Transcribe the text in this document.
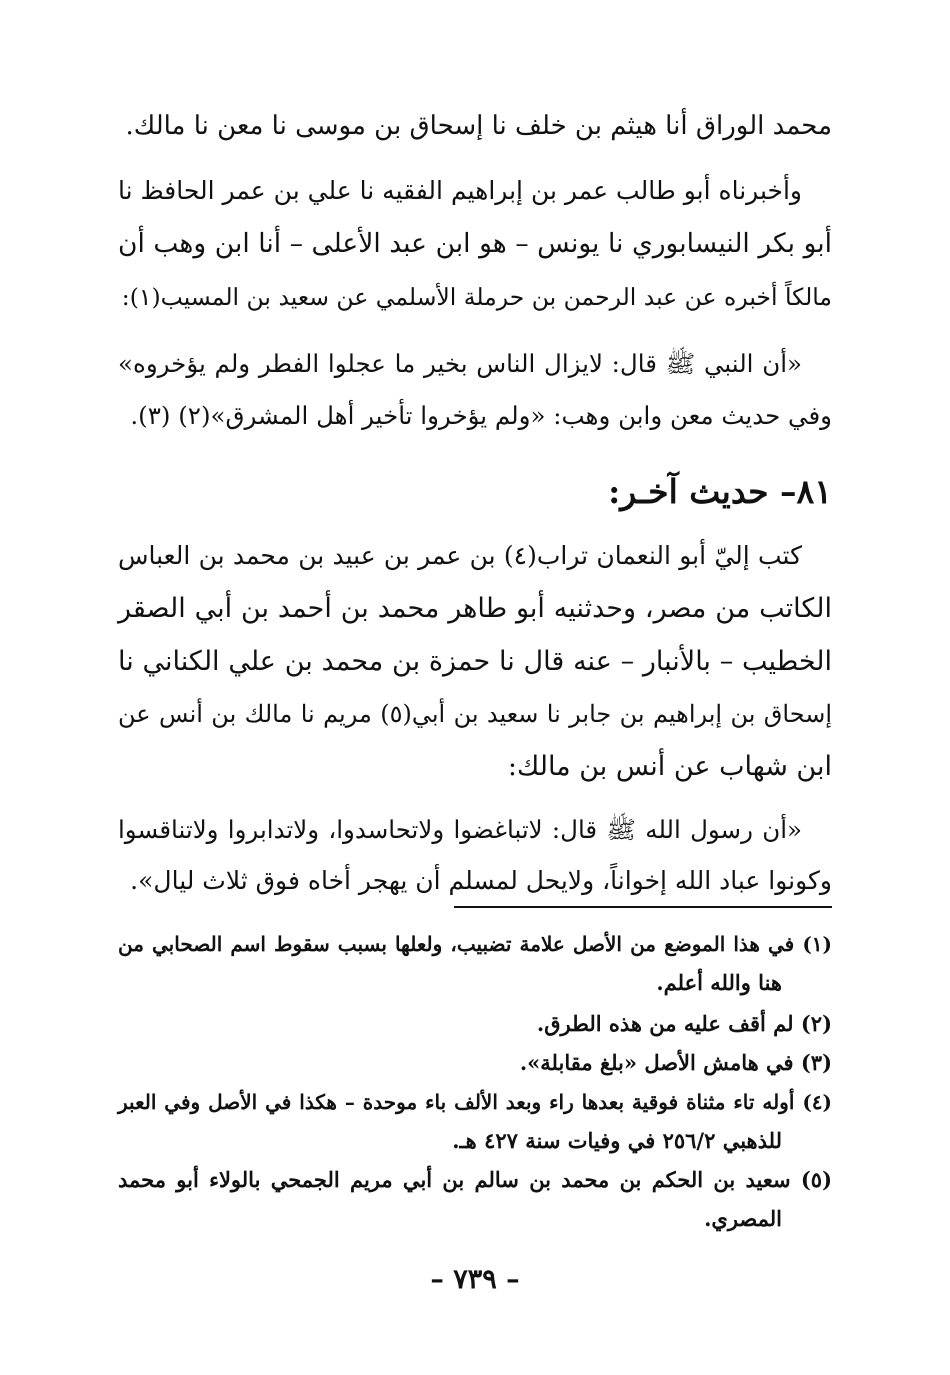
محمد الوراق أنا هيثم بن خلف نا إسحاق بن موسى نا معن نا مالك.
وأخبرناه أبو طالب عمر بن إبراهيم الفقيه نا علي بن عمر الحافظ نا
أبو بكر النيسابوري نا يونس – هو ابن عبد الأعلى – أنا ابن وهب أن
مالكاً أخبره عن عبد الرحمن بن حرملة الأسلمي عن سعيد بن المسيب(١):
«أن النبي ﷺ قال: لايزال الناس بخير ما عجلوا الفطر ولم يؤخروه»
وفي حديث معن وابن وهب: «ولم يؤخروا تأخير أهل المشرق»(٢) (٣).
٨١– حديث آخـر:
كتب إليّ أبو النعمان تراب(٤) بن عمر بن عبيد بن محمد بن العباس
الكاتب من مصر، وحدثنيه أبو طاهر محمد بن أحمد بن أبي الصقر
الخطيب – بالأنبار – عنه قال نا حمزة بن محمد بن علي الكناني نا
إسحاق بن إبراهيم بن جابر نا سعيد بن أبي(٥) مريم نا مالك بن أنس عن
ابن شهاب عن أنس بن مالك:
«أن رسول الله ﷺ قال: لاتباغضوا ولاتحاسدوا، ولاتدابروا ولاتناقسوا
وكونوا عباد الله إخواناً، ولايحل لمسلم أن يهجر أخاه فوق ثلاث ليال».
(١) في هذا الموضع من الأصل علامة تضبيب، ولعلها بسبب سقوط اسم الصحابي من
هنا والله أعلم.
(٢) لم أقف عليه من هذه الطرق.
(٣) في هامش الأصل «بلغ مقابلة».
(٤) أوله تاء مثناة فوقية بعدها راء وبعد الألف باء موحدة – هكذا في الأصل وفي العبر
للذهبي ٢٥٦/٢ في وفيات سنة ٤٢٧ هـ.
(٥) سعيد بن الحكم بن محمد بن سالم بن أبي مريم الجمحي بالولاء أبو محمد
المصري.
– ٧٣٩ –
